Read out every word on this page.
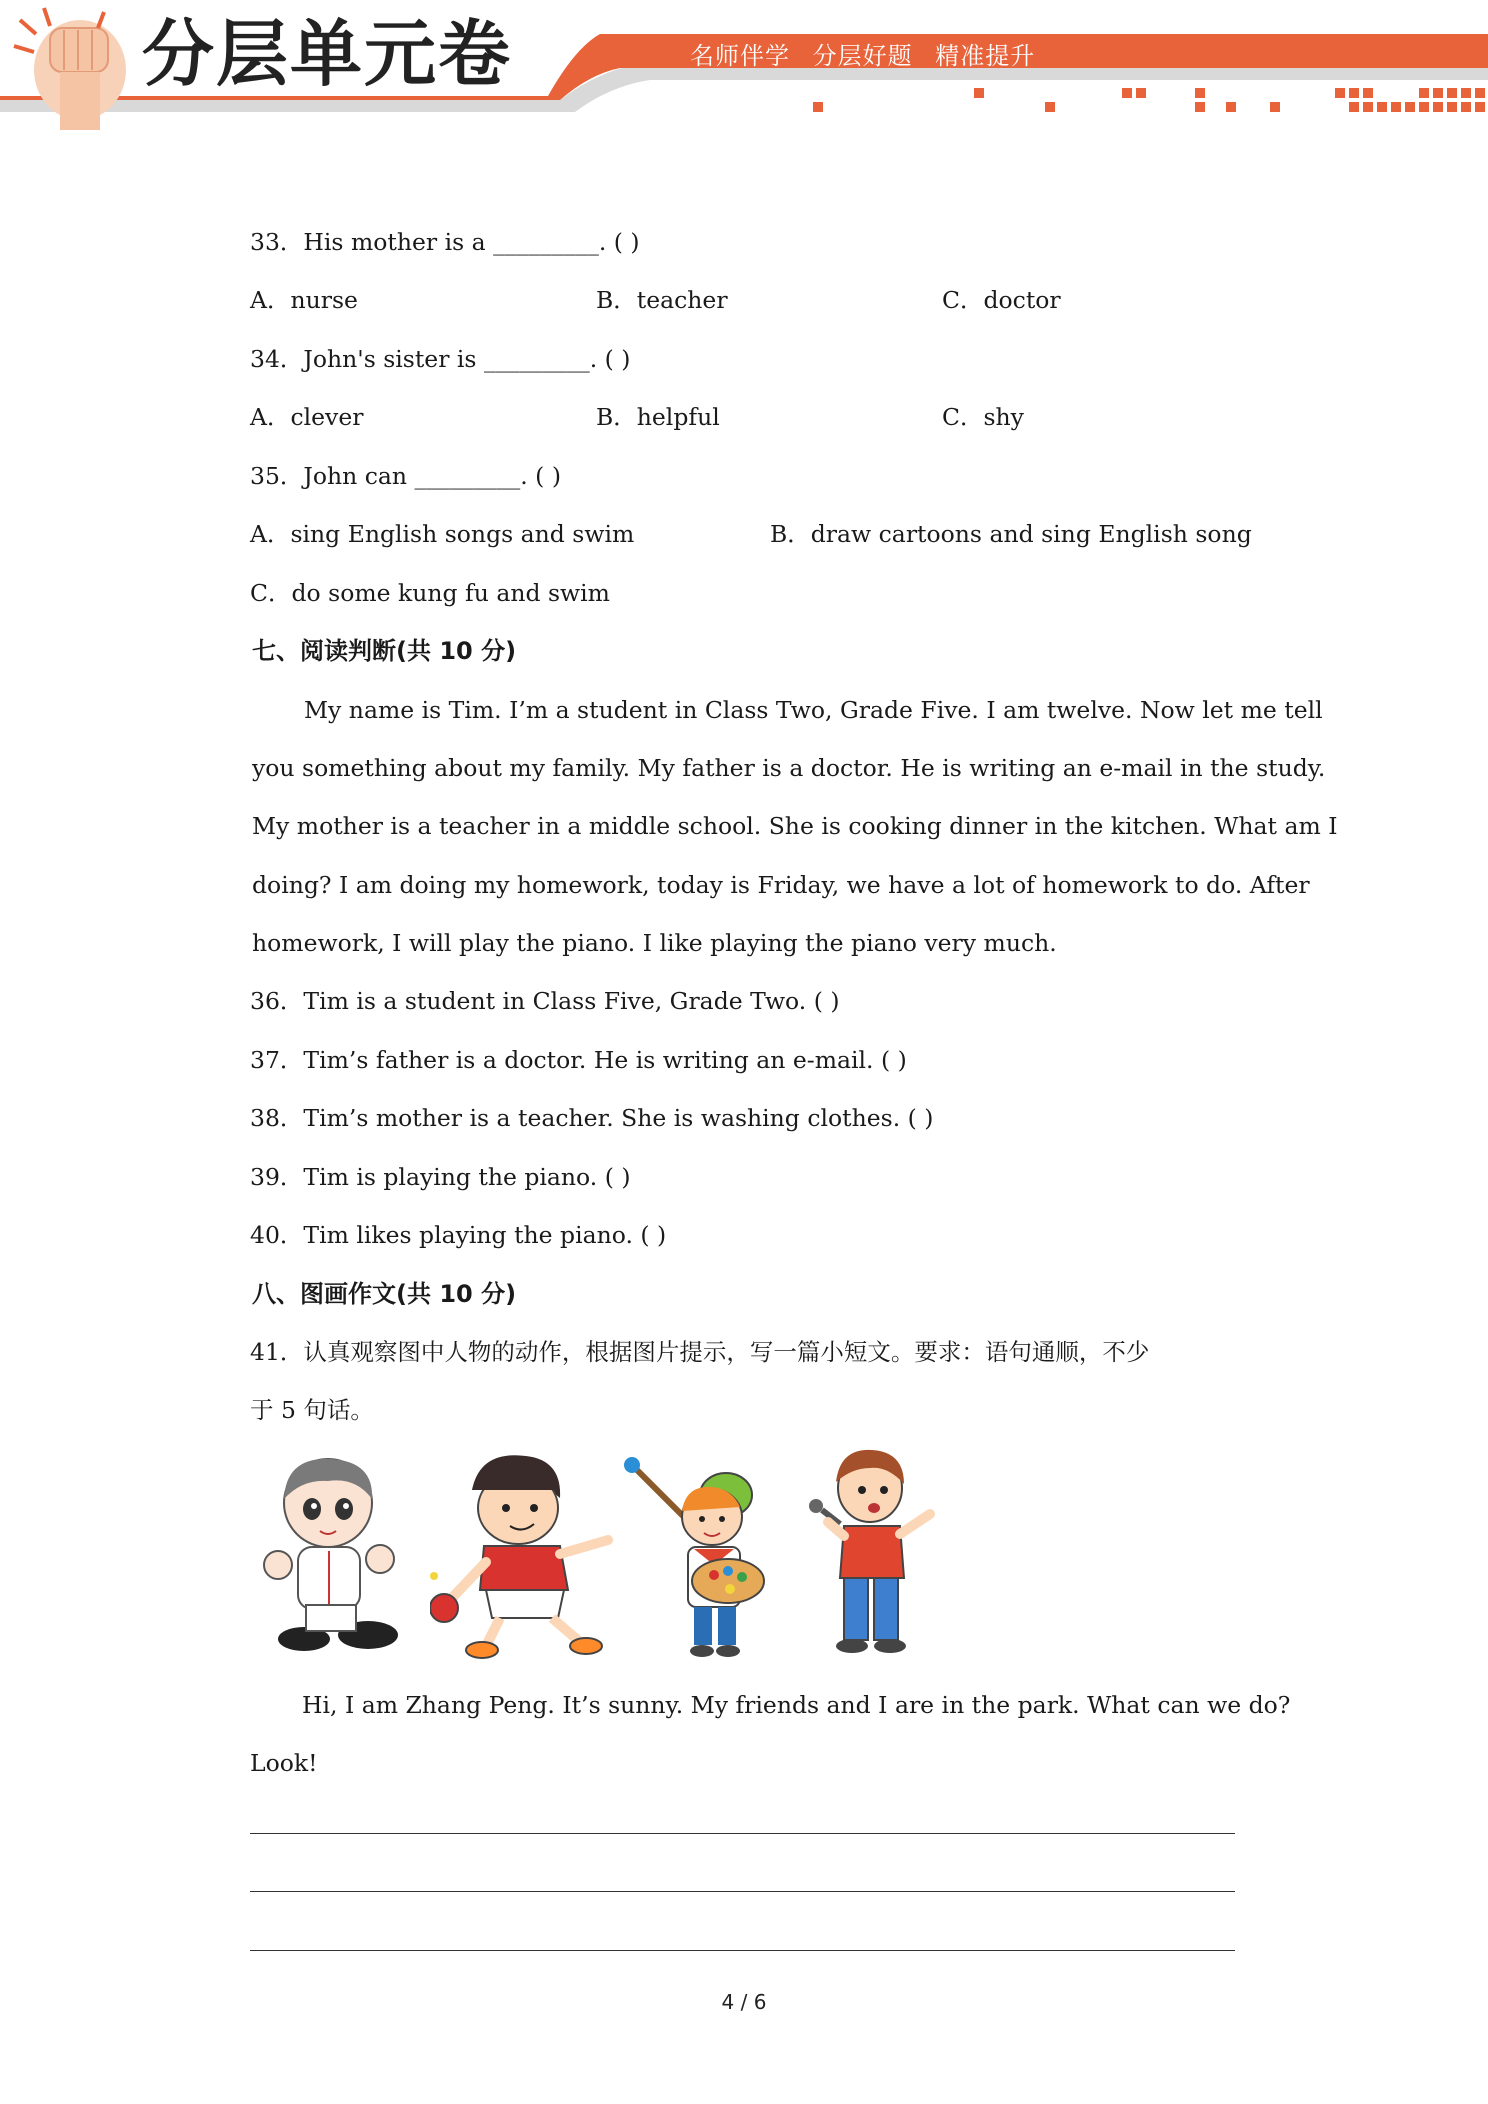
分层单元卷	名师伴学 分层好题 精准提升
33．His mother is a _________. ( )
A．nurse	B．teacher	C．doctor
34．John's sister is _________. ( )
A．clever	B．helpful	C．shy
35．John can _________. ( )
A．sing English songs and swim	B．draw cartoons and sing English song
C．do some kung fu and swim
七、阅读判断(共 10 分)
My name is Tim. I’m a student in Class Two, Grade Five. I am twelve. Now let me tell
you something about my family. My father is a doctor. He is writing an e-mail in the study.
My mother is a teacher in a middle school. She is cooking dinner in the kitchen. What am I
doing? I am doing my homework, today is Friday, we have a lot of homework to do. After
homework, I will play the piano. I like playing the piano very much.
36．Tim is a student in Class Five, Grade Two. ( )
37．Tim’s father is a doctor. He is writing an e-mail. ( )
38．Tim’s mother is a teacher. She is washing clothes. ( )
39．Tim is playing the piano. ( )
40．Tim likes playing the piano. ( )
八、图画作文(共 10 分)
41．认真观察图中人物的动作，根据图片提示，写一篇小短文。要求：语句通顺，不少
于 5 句话。
Hi, I am Zhang Peng. It’s sunny. My friends and I are in the park. What can we do?
Look!
4 / 6
